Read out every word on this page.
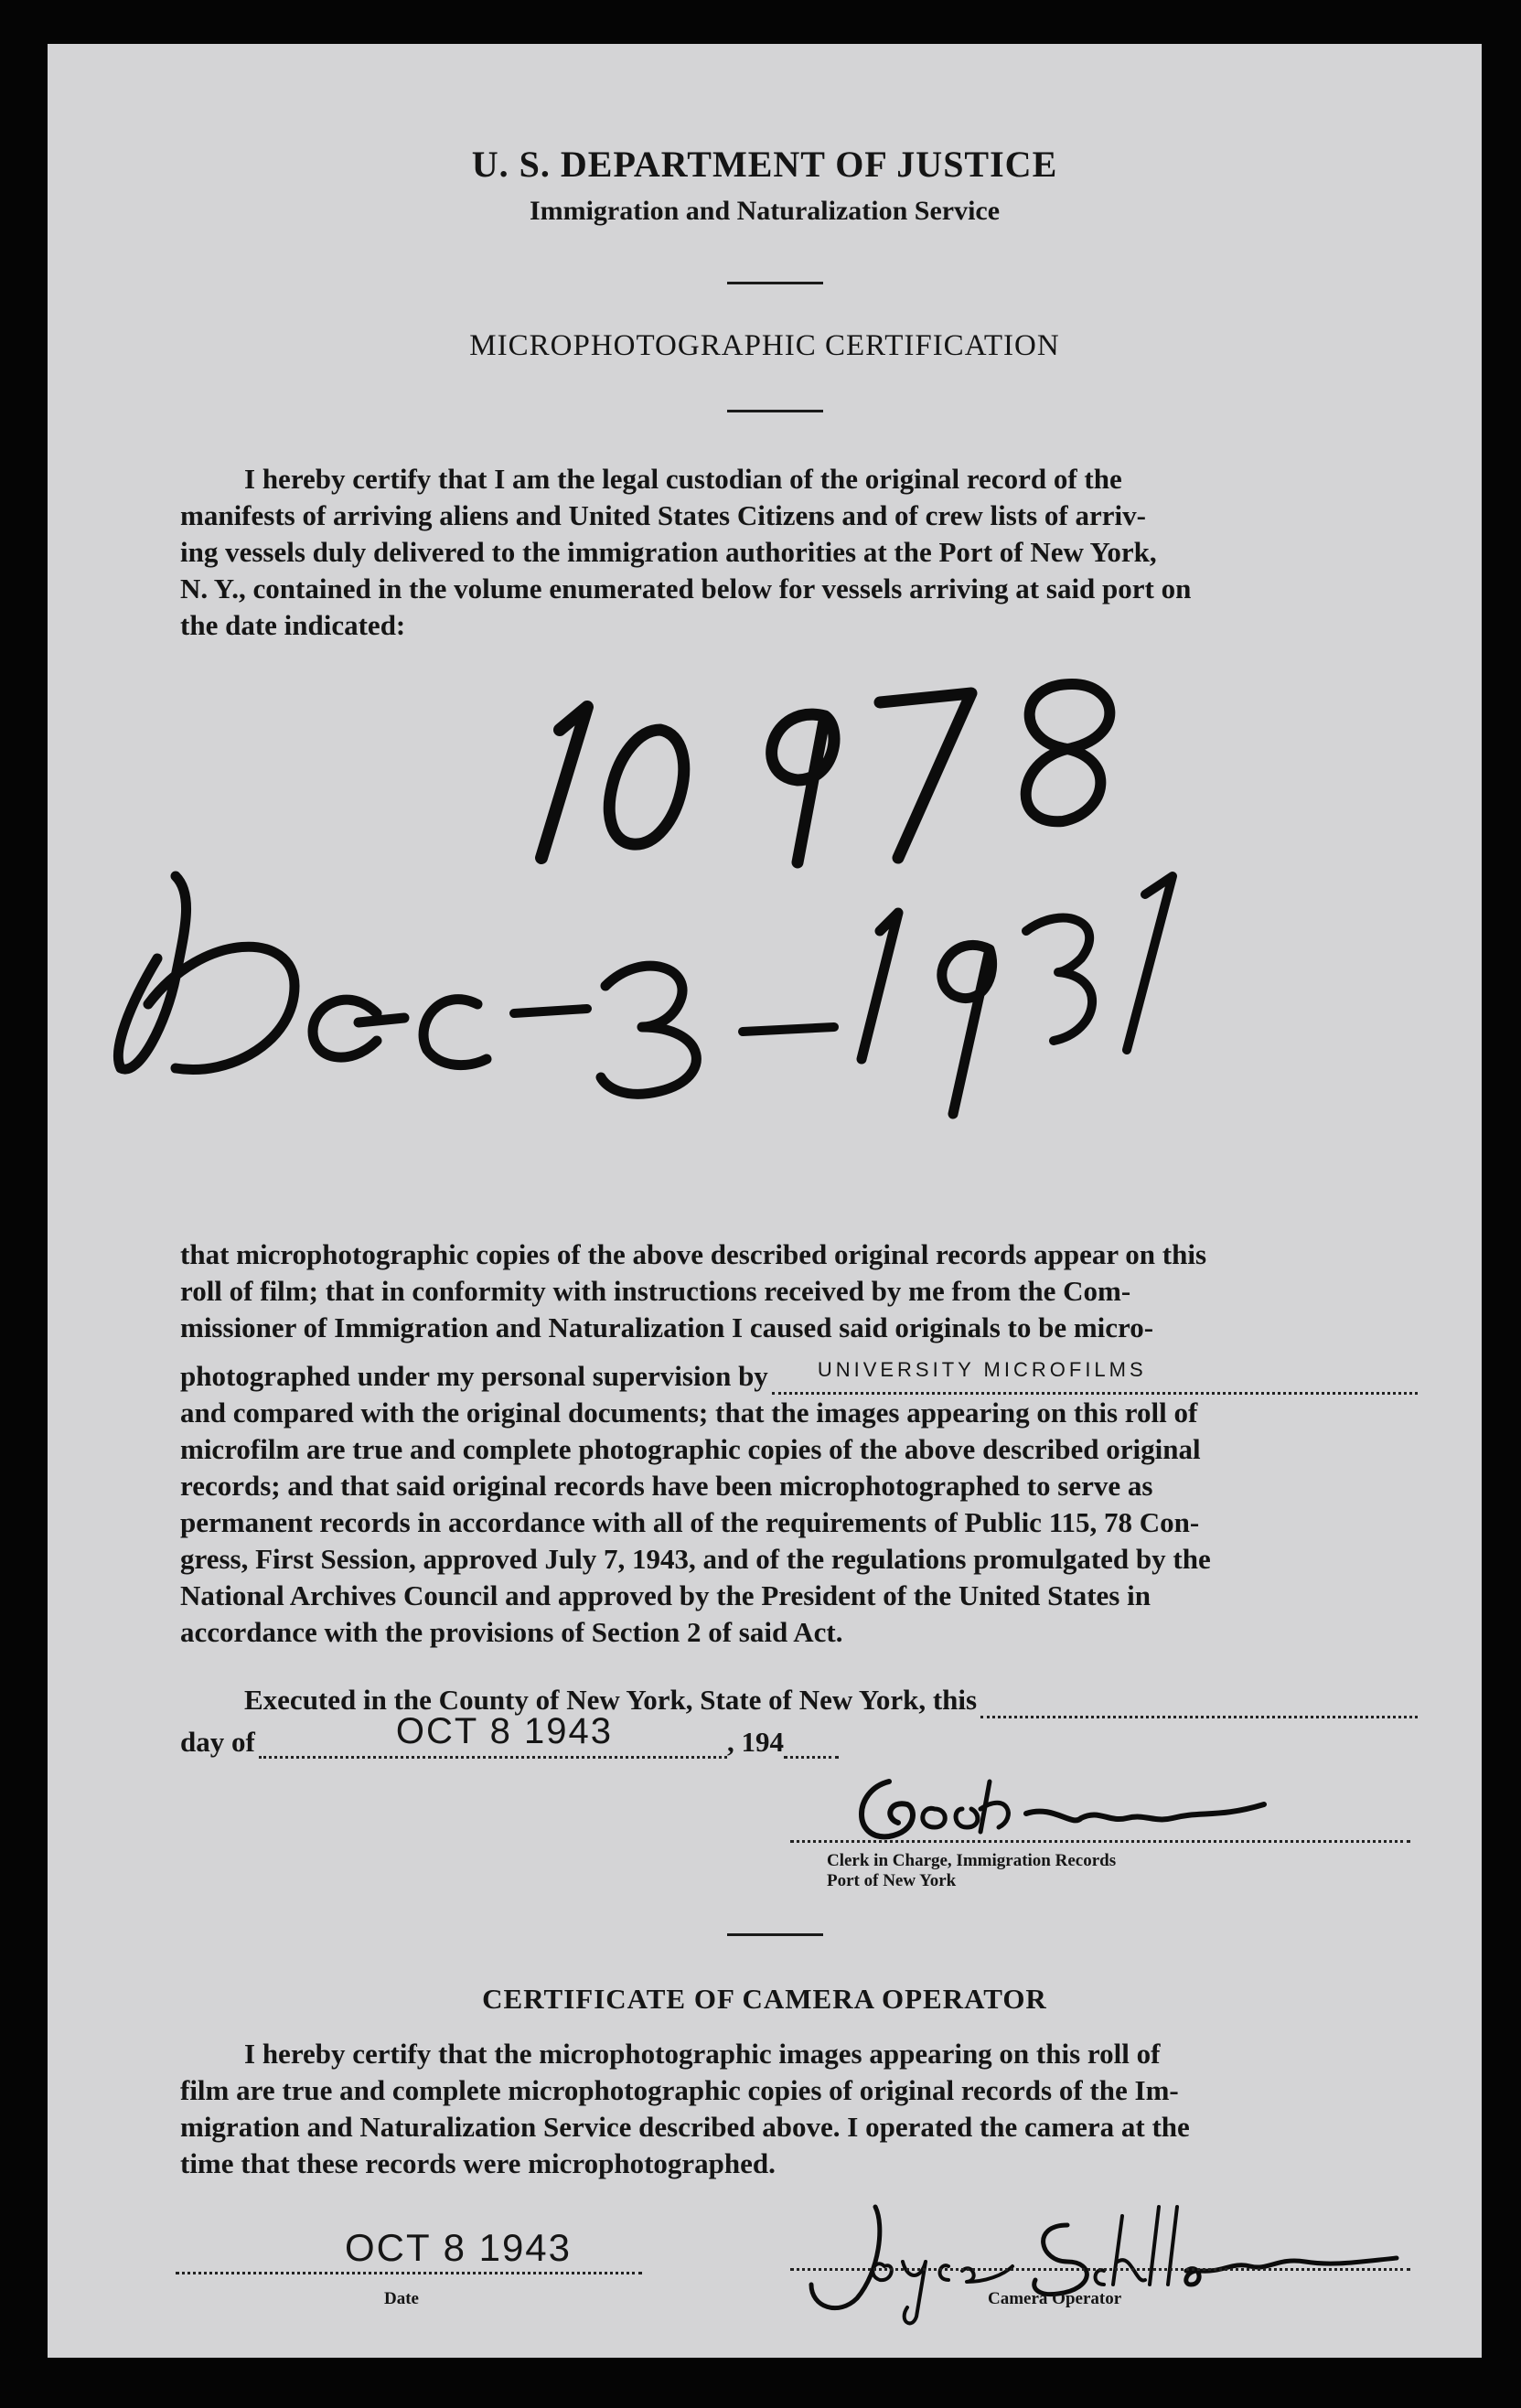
U. S. DEPARTMENT OF JUSTICE
Immigration and Naturalization Service
MICROPHOTOGRAPHIC CERTIFICATION
I hereby certify that I am the legal custodian of the original record of the
manifests of arriving aliens and United States Citizens and of crew lists of arriv-
ing vessels duly delivered to the immigration authorities at the Port of New York,
N. Y., contained in the volume enumerated below for vessels arriving at said port on
the date indicated:
that microphotographic copies of the above described original records appear on this
roll of film; that in conformity with instructions received by me from the Com-
missioner of Immigration and Naturalization I caused said originals to be micro-
photographed under my personal supervision by UNIVERSITY MICROFILMS

and compared with the original documents; that the images appearing on this roll of
microfilm are true and complete photographic copies of the above described original
records; and that said original records have been microphotographed to serve as
permanent records in accordance with all of the requirements of Public 115, 78 Con-
gress, First Session, approved July 7, 1943, and of the regulations promulgated by the
National Archives Council and approved by the President of the United States in
accordance with the provisions of Section 2 of said Act.
Executed in the County of New York, State of New York, this

day of	OCT 8 1943	, 194
Clerk in Charge, Immigration Records
Port of New York
CERTIFICATE OF CAMERA OPERATOR
I hereby certify that the microphotographic images appearing on this roll of
film are true and complete microphotographic copies of original records of the Im-
migration and Naturalization Service described above. I operated the camera at the
time that these records were microphotographed.
OCT 8 1943
Date	Camera Operator
